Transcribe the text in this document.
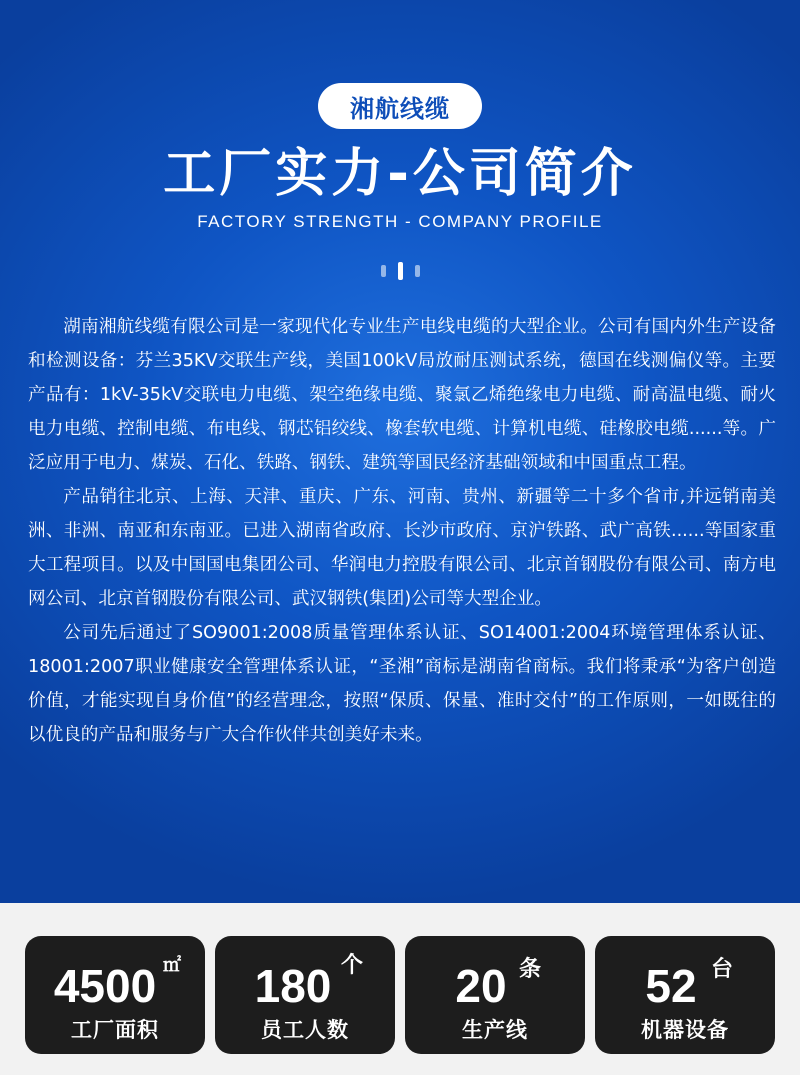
湘航线缆
工厂实力-公司简介
FACTORY STRENGTH - COMPANY PROFILE

湖南湘航线缆有限公司是一家现代化专业生产电线电缆的大型企业。公司有国内外生产设备和检测设备：芬兰35KV交联生产线，美国100kV局放耐压测试系统，德国在线测偏仪等。主要产品有：1kV-35kV交联电力电缆、架空绝缘电缆、聚氯乙烯绝缘电力电缆、耐高温电缆、耐火电力电缆、控制电缆、布电线、钢芯铝绞线、橡套软电缆、计算机电缆、硅橡胶电缆......等。广泛应用于电力、煤炭、石化、铁路、钢铁、建筑等国民经济基础领域和中国重点工程。

产品销往北京、上海、天津、重庆、广东、河南、贵州、新疆等二十多个省市,并远销南美洲、非洲、南亚和东南亚。已进入湖南省政府、长沙市政府、京沪铁路、武广高铁......等国家重大工程项目。以及中国国电集团公司、华润电力控股有限公司、北京首钢股份有限公司、南方电网公司、北京首钢股份有限公司、武汉钢铁(集团)公司等大型企业。

公司先后通过了SO9001:2008质量管理体系认证、SO14001:2004环境管理体系认证、18001:2007职业健康安全管理体系认证，“圣湘”商标是湖南省商标。我们将秉承“为客户创造价值，才能实现自身价值”的经营理念，按照“保质、保量、准时交付”的工作原则，一如既往的以优良的产品和服务与广大合作伙伴共创美好未来。

4500 ㎡
工厂面积
180 个
员工人数
20 条
生产线
52 台
机器设备
